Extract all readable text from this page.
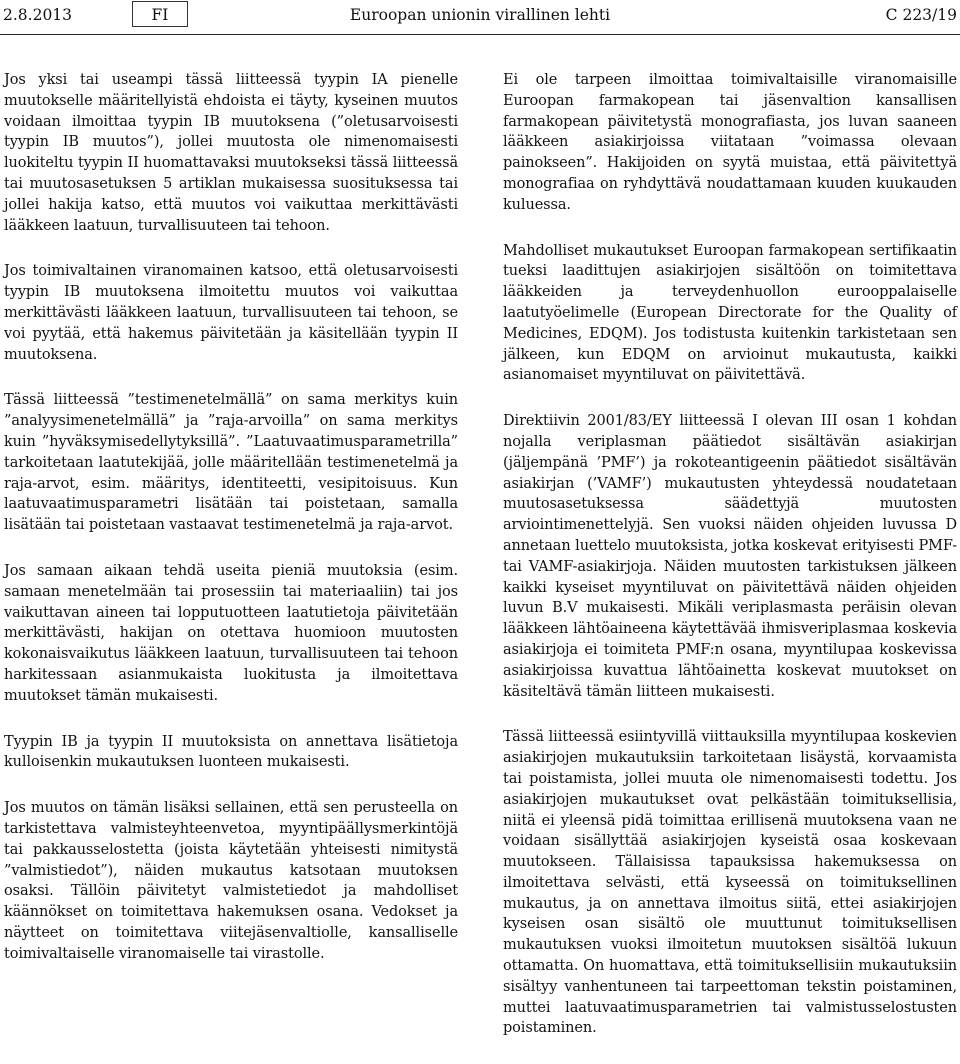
Euroopan unionin virallinen lehti
2.8.2013	FI	C 223/19

Jos yksi tai useampi tässä liitteessä tyypin IA pienelle muutokselle määritellyistä ehdoista ei täyty, kyseinen muutos voidaan ilmoittaa tyypin IB muutoksena (”oletusarvoisesti tyypin IB muutos”), jollei muutosta ole nimenomaisesti luokiteltu tyypin II huomattavaksi muutokseksi tässä liitteessä tai muutosasetuksen 5 artiklan mukaisessa suosituksessa tai jollei hakija katso, että muutos voi vaikuttaa merkittävästi lääkkeen laatuun, turvallisuuteen tai tehoon.

Jos toimivaltainen viranomainen katsoo, että oletusarvoisesti tyypin IB muutoksena ilmoitettu muutos voi vaikuttaa merkittävästi lääkkeen laatuun, turvallisuuteen tai tehoon, se voi pyytää, että hakemus päivitetään ja käsitellään tyypin II muutoksena.

Tässä liitteessä ”testimenetelmällä” on sama merkitys kuin ”analyysimenetelmällä” ja ”raja-arvoilla” on sama merkitys kuin ”hyväksymisedellytyksillä”. ”Laatuvaatimusparametrilla” tarkoitetaan laatutekijää, jolle määritellään testimenetelmä ja raja-arvot, esim. määritys, identiteetti, vesipitoisuus. Kun laatuvaatimusparametri lisätään tai poistetaan, samalla lisätään tai poistetaan vastaavat testimenetelmä ja raja-arvot.

Jos samaan aikaan tehdä useita pieniä muutoksia (esim. samaan menetelmään tai prosessiin tai materiaaliin) tai jos vaikuttavan aineen tai lopputuotteen laatutietoja päivitetään merkittävästi, hakijan on otettava huomioon muutosten kokonaisvaikutus lääkkeen laatuun, turvallisuuteen tai tehoon harkitessaan asianmukaista luokitusta ja ilmoitettava muutokset tämän mukaisesti.

Tyypin IB ja tyypin II muutoksista on annettava lisätietoja kulloisenkin mukautuksen luonteen mukaisesti.

Jos muutos on tämän lisäksi sellainen, että sen perusteella on tarkistettava valmisteyhteenvetoa, myyntipäällysmerkintöjä tai pakkausselostetta (joista käytetään yhteisesti nimitystä ”valmistiedot”), näiden mukautus katsotaan muutoksen osaksi. Tällöin päivitetyt valmistetiedot ja mahdolliset käännökset on toimitettava hakemuksen osana. Vedokset ja näytteet on toimitettava viitejäsenvaltiolle, kansalliselle toimivaltaiselle viranomaiselle tai virastolle.

Ei ole tarpeen ilmoittaa toimivaltaisille viranomaisille Euroopan farmakopean tai jäsenvaltion kansallisen farmakopean päivitetystä monografiasta, jos luvan saaneen lääkkeen asiakirjoissa viitataan ”voimassa olevaan painokseen”. Hakijoiden on syytä muistaa, että päivitettyä monografiaa on ryhdyttävä noudattamaan kuuden kuukauden kuluessa.

Mahdolliset mukautukset Euroopan farmakopean sertifikaatin tueksi laadittujen asiakirjojen sisältöön on toimitettava lääkkeiden ja terveydenhuollon eurooppalaiselle laatutyöelimelle (European Directorate for the Quality of Medicines, EDQM). Jos todistusta kuitenkin tarkistetaan sen jälkeen, kun EDQM on arvioinut mukautusta, kaikki asianomaiset myyntiluvat on päivitettävä.

Direktiivin 2001/83/EY liitteessä I olevan III osan 1 kohdan nojalla veriplasman päätiedot sisältävän asiakirjan (jäljempänä ’PMF’) ja rokoteantigeenin päätiedot sisältävän asiakirjan (’VAMF’) mukautusten yhteydessä noudatetaan muutosasetuksessa säädettyjä muutosten arviointimenettelyjä. Sen vuoksi näiden ohjeiden luvussa D annetaan luettelo muutoksista, jotka koskevat erityisesti PMF- tai VAMF-asiakirjoja. Näiden muutosten tarkistuksen jälkeen kaikki kyseiset myyntiluvat on päivitettävä näiden ohjeiden luvun B.V mukaisesti. Mikäli veriplasmasta peräisin olevan lääkkeen lähtöaineena käytettävää ihmisveriplasmaa koskevia asiakirjoja ei toimiteta PMF:n osana, myyntilupaa koskevissa asiakirjoissa kuvattua lähtöainetta koskevat muutokset on käsiteltävä tämän liitteen mukaisesti.

Tässä liitteessä esiintyvillä viittauksilla myyntilupaa koskevien asiakirjojen mukautuksiin tarkoitetaan lisäystä, korvaamista tai poistamista, jollei muuta ole nimenomaisesti todettu. Jos asiakirjojen mukautukset ovat pelkästään toimituksellisia, niitä ei yleensä pidä toimittaa erillisenä muutoksena vaan ne voidaan sisällyttää asiakirjojen kyseistä osaa koskevaan muutokseen. Tällaisissa tapauksissa hakemuksessa on ilmoitettava selvästi, että kyseessä on toimituksellinen mukautus, ja on annettava ilmoitus siitä, ettei asiakirjojen kyseisen osan sisältö ole muuttunut toimituksellisen mukautuksen vuoksi ilmoitetun muutoksen sisältöä lukuun ottamatta. On huomattava, että toimituksellisiin mukautuksiin sisältyy vanhentuneen tai tarpeettoman tekstin poistaminen, muttei laatuvaatimusparametrien tai valmistusselostusten poistaminen.
